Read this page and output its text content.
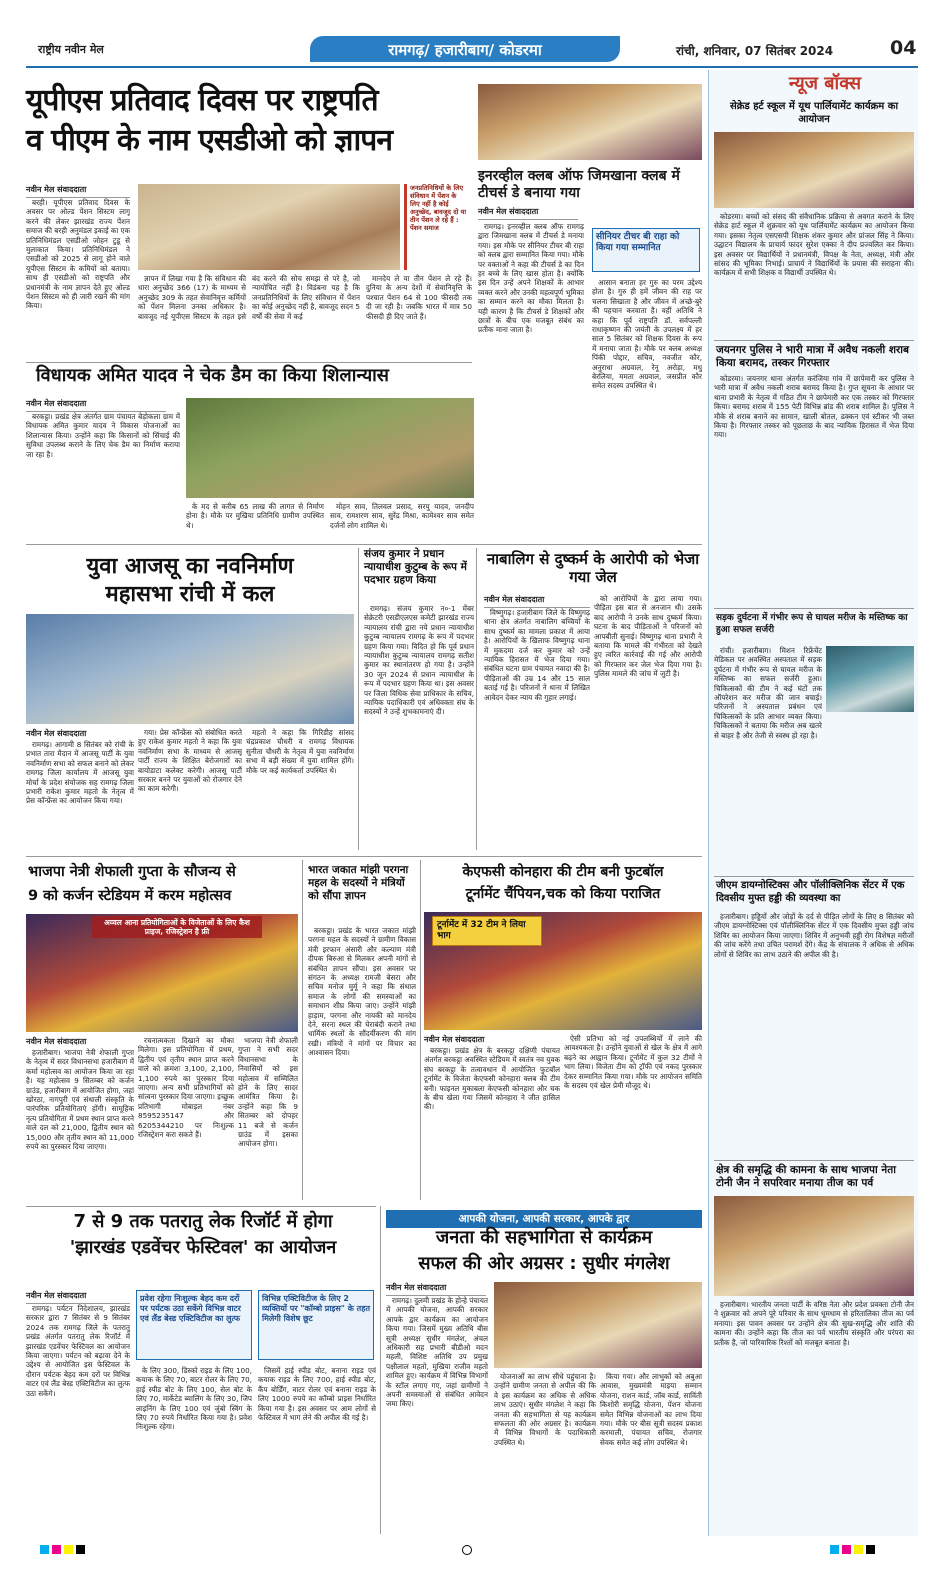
राष्ट्रीय नवीन मेल	रामगढ़/ हजारीबाग/ कोडरमा	रांची, शनिवार, 07 सितंबर 2024	04
यूपीएस प्रतिवाद दिवस पर राष्ट्रपति
व पीएम के नाम एसडीओ को ज्ञापन
नवीन मेल संवाददाता

बरही। यूपीएस प्रतिवाद दिवस के अवसर पर ओल्ड पेंशन सिस्टम लागू करने की लेकर झारखंड राज्य पेंशन समाज की बरही अनुमंडल इकाई का एक प्रतिनिधिमंडल एसडीओ जोहन टुडू से मुलाकात किया। प्रतिनिधिमंडल ने एसडीओ को 2025 से लागू होने वाले यूपीएस सिस्टम के कमियों को बताया। साथ ही एसडीओ को राष्ट्रपति और प्रधानमंत्री के नाम ज्ञापन देते हुए ओल्ड पेंशन सिस्टम को ही जारी रखने की मांग किया।

जनप्रतिनिधियों के लिए संविधान में पेंशन के लिए नहीं है कोई अनुच्छेद, बावजूद दो या तीन पेंशन ले रहे हैं : पेंशन समाज

ज्ञापन में लिखा गया है कि संविधान की धारा अनुच्छेद 366 (17) के माध्यम से अनुच्छेद 309 के तहत सेवानिवृत्त कर्मियों को पेंशन मिलना उनका अधिकार है। बावजूद नई यूपीएस सिस्टम के तहत इसे बंद करने की सोच समझ से परे है, जो न्यायोचित नहीं है। विडंबना यह है कि जनप्रतिनिधियों के लिए संविधान में पेंशन का कोई अनुच्छेद नहीं है, बावजूद सदन 5 वर्षों की सेवा में कई

मानदेय ले या तीन पेंशन ले रहे हैं। दुनिया के अन्य देशों में सेवानिवृत्ति के पश्चात पेंशन 64 से 100 फीसदी तक दी जा रही है। जबकि भारत में मात्र 50 फीसदी ही दिए जाते हैं।

इनरव्हील क्लब ऑफ जिमखाना क्लब में टीचर्स डे बनाया गया
नवीन मेल संवाददाता
सीनियर टीचर बी राहा को किया गया सम्मानित

रामगढ़। इनरव्हील क्लब ऑफ रामगढ़ द्वारा जिमखाना क्लब में टीचर्स डे मनाया गया। इस मौके पर सीनियर टीचर बी राहा को क्लब द्वारा सम्मानित किया गया। मौके पर वक्ताओं ने कहा की टीचर्स डे का दिन हर बच्चे के लिए खास होता है। क्योंकि इस दिन उन्हें अपने शिक्षकों के आभार व्यक्त करने और उनकी महत्वपूर्ण भूमिका का सम्मान करने का मौका मिलता है। यही कारण है कि टीचर्स डे शिक्षकों और छात्रों के बीच एक मजबूत संबंध का प्रतीक माना जाता है।

आसान बनाता हर गुरु का परम उद्देश्य होता है। गुरु ही हमें जीवन की राह पर चलना सिखाता है और जीवन में अच्छे-बुरे की पहचान करवाता है। वहीं अतिथि ने कहा कि पूर्व राष्ट्रपति डॉ. सर्वपल्ली राधाकृष्णन की जयंती के उपलक्ष्य में हर साल 5 सितंबर को शिक्षक दिवस के रूप में मनाया जाता है। मौके पर क्लब अध्यक्ष पिंकी पोद्दार, सचिव, नवजीत कौर, अनुराधा अग्रवाल, रेनू अरोड़ा, मधु बेरलिया, ममता अग्रवाल, जसप्रीत कौर समेत सदस्य उपस्थित थे।

न्यूज बॉक्स
सेक्रेड हर्ट स्कूल में यूथ पार्लियामेंट कार्यक्रम का आयोजन

कोडरमा। बच्चों को संसद की संवैधानिक प्रक्रिया से अवगत कराने के लिए सेक्रेड हार्ट स्कूल में शुक्रवार को यूथ पार्लियामेंट कार्यक्रम का आयोजन किया गया। इसका नेतृत्व एसएसपी शिक्षक शंकर कुमार और प्रांजल सिंह ने किया। उद्घाटन विद्यालय के प्राचार्य फादर सुरेश एक्का ने दीप प्रज्वलित कर किया। इस अवसर पर विद्यार्थियों ने प्रधानमंत्री, विपक्ष के नेता, अध्यक्ष, मंत्री और सांसद की भूमिका निभाई। प्राचार्य ने विद्यार्थियों के प्रयास की सराहना की। कार्यक्रम में सभी शिक्षक व विद्यार्थी उपस्थित थे।

जयनगर पुलिस ने भारी मात्रा में अवैध नकली शराब किया बरामद, तस्कर गिरफ्तार

कोडरमा। जयनगर थाना अंतर्गत करंजिया गांव में छापेमारी कर पुलिस ने भारी मात्रा में अवैध नकली शराब बरामद किया है। गुप्त सूचना के आधार पर थाना प्रभारी के नेतृत्व में गठित टीम ने छापेमारी कर एक तस्कर को गिरफ्तार किया। बरामद शराब में 155 पेटी विभिन्न ब्रांड की शराब शामिल है। पुलिस ने मौके से शराब बनाने का सामान, खाली बोतल, ढक्कन एवं स्टीकर भी जब्त किया है। गिरफ्तार तस्कर को पूछताछ के बाद न्यायिक हिरासत में भेज दिया गया।

सड़क दुर्घटना में गंभीर रूप से घायल मरीज के मस्तिष्क का हुआ सफल सर्जरी

रांची। हजारीबाग। मिशन रिफ्रेंचेंट मेडिकल पर अवस्थित अस्पताल में सड़क दुर्घटना में गंभीर रूप से घायल मरीज के मस्तिष्क का सफल सर्जरी हुआ। चिकित्सकों की टीम ने कई घंटों तक ऑपरेशन कर मरीज की जान बचाई। परिजनों ने अस्पताल प्रबंधन एवं चिकित्सकों के प्रति आभार व्यक्त किया। चिकित्सकों ने बताया कि मरीज अब खतरे से बाहर है और तेजी से स्वस्थ हो रहा है।

जीएम डायग्नोस्टिक्स और पॉलीक्लिनिक सेंटर में एक दिवसीय मुफ्त हड्डी की व्यवस्था का

हजारीबाग। हड्डियों और जोड़ों के दर्द से पीड़ित लोगों के लिए 8 सितंबर को जीएम डायग्नोस्टिक्स एवं पॉलीक्लिनिक सेंटर में एक दिवसीय मुफ्त हड्डी जांच शिविर का आयोजन किया जाएगा। शिविर में अनुभवी हड्डी रोग विशेषज्ञ मरीजों की जांच करेंगे तथा उचित परामर्श देंगे। केंद्र के संचालक ने अधिक से अधिक लोगों से शिविर का लाभ उठाने की अपील की है।

क्षेत्र की समृद्धि की कामना के साथ भाजपा नेता टोनी जैन ने सपरिवार मनाया तीज का पर्व

हजारीबाग। भारतीय जनता पार्टी के वरिष्ठ नेता और प्रदेश प्रवक्ता टोनी जैन ने शुक्रवार को अपने पूरे परिवार के साथ धूमधाम से हरितालिका तीज का पर्व मनाया। इस पावन अवसर पर उन्होंने क्षेत्र की सुख-समृद्धि और शांति की कामना की। उन्होंने कहा कि तीज का पर्व भारतीय संस्कृति और परंपरा का प्रतीक है, जो पारिवारिक रिश्तों को मजबूत बनाता है।

विधायक अमित यादव ने चेक डैम का किया शिलान्यास
नवीन मेल संवाददाता

बरकट्ठा। प्रखंड क्षेत्र अंतर्गत ग्राम पंचायत बेड़ोकला ग्राम में विधायक अमित कुमार यादव ने विकास योजनाओं का शिलान्यास किया। उन्होंने कहा कि किसानों को सिंचाई की सुविधा उपलब्ध कराने के लिए चेक डैम का निर्माण कराया जा रहा है।

के मद से करीब 65 लाख की लागत से निर्माण होना है। मौके पर मुखिया प्रतिनिधि ग्रामीण उपस्थित थे।

मोहन साव, तिलवल प्रसाद, सरयु यादव, जनदीप साव, रामशरण साव, सुरेंद्र मिश्रा, कामेश्वर साव समेत दर्जनों लोग शामिल थे।

युवा आजसू का नवनिर्माण
महासभा रांची में कल
नवीन मेल संवाददाता

रामगढ़। आगामी 8 सितंबर को रांची के प्रभात तारा मैदान में आजसू पार्टी के युवा नवनिर्माण सभा को सफल बनाने को लेकर रामगढ़ जिला कार्यालय में आजसू युवा मोर्चा के प्रदेश संयोजक सह रामगढ़ जिला प्रभारी राकेश कुमार महतो के नेतृत्व में प्रेस कॉन्फ्रेंस का आयोजन किया गया।

गया। प्रेस कॉन्फ्रेंस को संबोधित करते हुए राकेश कुमार महतो ने कहा कि युवा नवनिर्माण सभा के माध्यम से आजसू पार्टी राज्य के शिक्षित बेरोजगारों का बायोडाटा कलेक्ट करेगी। आजसू पार्टी सरकार बनने पर युवाओं को रोजगार देने का काम करेगी।

महतो ने कहा कि गिरिडीह सांसद चंद्रप्रकाश चौधरी व रामगढ़ विधायक सुनीता चौधरी के नेतृत्व में युवा नवनिर्माण सभा में बड़ी संख्या में युवा शामिल होंगे। मौके पर कई कार्यकर्ता उपस्थित थे।

संजय कुमार ने प्रधान न्यायाधीश कुटुम्ब के रूप में पदभार ग्रहण किया

रामगढ़। संजय कुमार न०-1 मेंबर सेक्रेटरी एसडीएलएस कमेटी झारखंड राज्य न्यायालय रांची द्वारा नये प्रधान न्यायाधीश कुटुम्ब न्यायालय रामगढ़ के रूप में पदभार ग्रहण किया गया। विदित हो कि पूर्व प्रधान न्यायाधीश कुटुम्ब न्यायालय रामगढ़ सतीश कुमार का स्थानांतरण हो गया है। उन्होंने 30 जून 2024 से प्रधान न्यायाधीश के रूप में पदभार ग्रहण किया था। इस अवसर पर जिला विधिक सेवा प्राधिकार के सचिव, न्यायिक पदाधिकारी एवं अधिवक्ता संघ के सदस्यों ने उन्हें शुभकामनाएं दी।

नाबालिग से दुष्कर्म के आरोपी को भेजा गया जेल
नवीन मेल संवाददाता

विष्णुगढ़। हजारीबाग जिले के विष्णुगढ़ थाना क्षेत्र अंतर्गत नाबालिग बच्चियों के साथ दुष्कर्म का मामला प्रकाश में आया है। आरोपियों के खिलाफ विष्णुगढ़ थाना में मुकदमा दर्ज कर कुमार को उन्हें न्यायिक हिरासत में भेज दिया गया। संबंधित घटना ग्राम पंचायत नवादा की है। पीड़िताओं की उम्र 14 और 15 साल बताई गई है। परिजनों ने थाना में लिखित आवेदन देकर न्याय की गुहार लगाई।

को आरोपियों के द्वारा लाया गया। पीड़िता इस बात से अनजान थी। उसके बाद आरोपी ने उनके साथ दुष्कर्म किया। घटना के बाद पीड़िताओं ने परिजनों को आपबीती सुनाई। विष्णुगढ़ थाना प्रभारी ने बताया कि मामले की गंभीरता को देखते हुए त्वरित कार्रवाई की गई और आरोपी को गिरफ्तार कर जेल भेज दिया गया है। पुलिस मामले की जांच में जुटी है।

भाजपा नेत्री शेफाली गुप्ता के सौजन्य से
9 को कर्जन स्टेडियम में करम महोत्सव
अव्वल आना प्रतियोगिताओं के विजेताओं के लिए कैश प्राइज, रजिस्ट्रेशन है फ्री
नवीन मेल संवाददाता

हजारीबाग। भाजपा नेत्री शेफाली गुप्ता के नेतृत्व में सदर विधानसभा हजारीबाग में कर्मा महोत्सव का आयोजन किया जा रहा है। यह महोत्सव 9 सितम्बर को कर्जन ग्राउंड, हजारीबाग में आयोजित होगा, जहां खोरठा, नागपुरी एवं संथाली संस्कृति के पारंपरिक प्रतियोगिताएं होंगी। सामूहिक नृत्य प्रतियोगिता में प्रथम स्थान प्राप्त करने वाले दल को 21,000, द्वितीय स्थान को 15,000 और तृतीय स्थान को 11,000 रुपये का पुरस्कार दिया जाएगा।

रचनात्मकता दिखाने का मौका मिलेगा। इस प्रतियोगिता में प्रथम, द्वितीय एवं तृतीय स्थान प्राप्त करने वाले को क्रमशः 3,100, 2,100, 1,100 रुपये का पुरस्कार दिया जाएगा। अन्य सभी प्रतिभागियों को सांत्वना पुरस्कार दिया जाएगा। इच्छुक प्रतिभागी मोबाइल नंबर 8595235147 और 6205344210 पर निःशुल्क रजिस्ट्रेशन करा सकते हैं।

भाजपा नेत्री शेफाली गुप्ता ने सभी सदर विधानसभा के निवासियों को इस महोत्सव में सम्मिलित होने के लिए सादर आमंत्रित किया है। उन्होंने कहा कि 9 सितम्बर को दोपहर 11 बजे से कर्जन ग्राउंड में इसका आयोजन होगा।

भारत जकात मांझी परगना महल के सदस्यों ने मंत्रियों को सौंपा ज्ञापन

बरकट्ठा। प्रखंड के भारत जकात मांझी परगना महल के सदस्यों ने ग्रामीण विकास मंत्री इरफान अंसारी और कल्याण मंत्री दीपक बिरुआ से मिलकर अपनी मांगों से संबंधित ज्ञापन सौंपा। इस अवसर पर संगठन के अध्यक्ष रामजी बेसरा और सचिव मनोज मुर्मू ने कहा कि संथाल समाज के लोगों की समस्याओं का समाधान शीघ्र किया जाए। उन्होंने मांझी हाड़ाम, परगना और नायकी को मानदेय देने, सरना स्थल की घेराबंदी कराने तथा धार्मिक स्थलों के सौंदर्यीकरण की मांग रखी। मंत्रियों ने मांगों पर विचार का आश्वासन दिया।

केएफसी कोनहारा की टीम बनी फुटबॉल
टूर्नामेंट चैंपियन,चक को किया पराजित
टूर्नामेंट में 32 टीम ने लिया भाग
नवीन मेल संवाददाता

बरकट्ठा। प्रखंड क्षेत्र के बरकट्ठा दक्षिणी पंचायत अंतर्गत बरकट्ठा अवस्थित स्टेडियम में स्वतंत्र नव युवक संघ बरकट्ठा के तत्वावधान में आयोजित फुटबॉल टूर्नामेंट के विजेता केएफसी कोनहारा क्लब की टीम बनी। फाइनल मुकाबला केएफसी कोनहारा और चक के बीच खेला गया जिसमें कोनहारा ने जीत हासिल की।

ऐसी प्रतिभा को नई उपलब्धियों में लाने की आवश्यकता है। उन्होंने युवाओं से खेल के क्षेत्र में आगे बढ़ने का आह्वान किया। टूर्नामेंट में कुल 32 टीमों ने भाग लिया। विजेता टीम को ट्रॉफी एवं नकद पुरस्कार देकर सम्मानित किया गया। मौके पर आयोजन समिति के सदस्य एवं खेल प्रेमी मौजूद थे।

7 से 9 तक पतरातु लेक रिजॉर्ट में होगा
'झारखंड एडवेंचर फेस्टिवल' का आयोजन
नवीन मेल संवाददाता

रामगढ़। पर्यटन निदेशालय, झारखंड सरकार द्वारा 7 सितंबर से 9 सितंबर 2024 तक रामगढ़ जिले के पतरातु प्रखंड अंतर्गत पतरातु लेक रिजॉर्ट में झारखंड एडवेंचर फेस्टिवल का आयोजन किया जाएगा। पर्यटन को बढ़ावा देने के उद्देश्य से आयोजित इस फेस्टिवल के दौरान पर्यटक बेहद कम दरों पर विभिन्न वाटर एवं लैंड बेस्ड एक्टिविटीज का लुत्फ उठा सकेंगे।

प्रवेश रहेगा निःशुल्क बेहद कम दरों पर पर्यटक उठा सकेंगे विभिन्न वाटर एवं लैंड बेस्ड एक्टिविटीज का लुत्फ
विभिन्न एक्टिविटीज के लिए 2 व्यक्तियों पर "कॉम्बो प्राइस" के तहत मिलेगी विशेष छूट

के लिए 300, डिस्को राइड के लिए 100, कयाक के लिए 70, बाटर रोलर के लिए 70, हाई स्पीड बोट के लिए 100, सेल बोट के लिए 70, मार्केटेड ब्यालिंग के लिए 30, जिप लाइनिंग के लिए 100 एवं जुंबो स्विंग के लिए 70 रुपये निर्धारित किया गया है। प्रवेश निःशुल्क रहेगा।

जिसमें हाई स्पीड बोट, बनाना राइड एवं कयाक राइड के लिए 700, हाई स्पीड बोट, कैंप बोर्डिंग, वाटर रोलर एवं बनाना राइड के लिए 1000 रुपये का कॉम्बो प्राइस निर्धारित किया गया है। इस अवसर पर आम लोगों से फेस्टिवल में भाग लेने की अपील की गई है।

आपकी योजना, आपकी सरकार, आपके द्वार
जनता की सहभागिता से कार्यक्रम
सफल की ओर अग्रसर : सुधीर मंगलेश
नवीन मेल संवाददाता

रामगढ़। दुलमी प्रखंड के होन्हे पंचायत में आपकी योजना, आपकी सरकार आपके द्वार कार्यक्रम का आयोजन किया गया। जिसमें मुख्य अतिथि बीस सूत्री अध्यक्ष सुधीर मंगलेश, अंचल अधिकारी सह प्रभारी बीडीओ मदन महली, विशिष्ट अतिथि उप प्रमुख पक्षीलाल महतो, मुखिया राजीव महतो शामिल हुए। कार्यक्रम में विभिन्न विभागों के स्टॉल लगाए गए, जहां ग्रामीणों ने अपनी समस्याओं से संबंधित आवेदन जमा किए।

योजनाओं का लाभ सीधे पहुंचाना है। उन्होंने ग्रामीण जनता से अपील की कि वे इस कार्यक्रम का अधिक से अधिक लाभ उठाएं। सुधीर मंगलेश ने कहा कि जनता की सहभागिता से यह कार्यक्रम सफलता की ओर अग्रसर है। कार्यक्रम में विभिन्न विभागों के पदाधिकारी उपस्थित थे।

किया गया। और लाभुकों को अबुआ आवास, मुख्यमंत्री माइया सम्मान योजना, राशन कार्ड, जॉब कार्ड, साविंती किशोरी समृद्धि योजना, पेंशन योजना समेत विभिन्न योजनाओं का लाभ दिया गया। मौके पर बीस सूत्री सदस्य प्रकाश करमाली, पंचायत सचिव, रोजगार सेवक समेत कई लोग उपस्थित थे।
